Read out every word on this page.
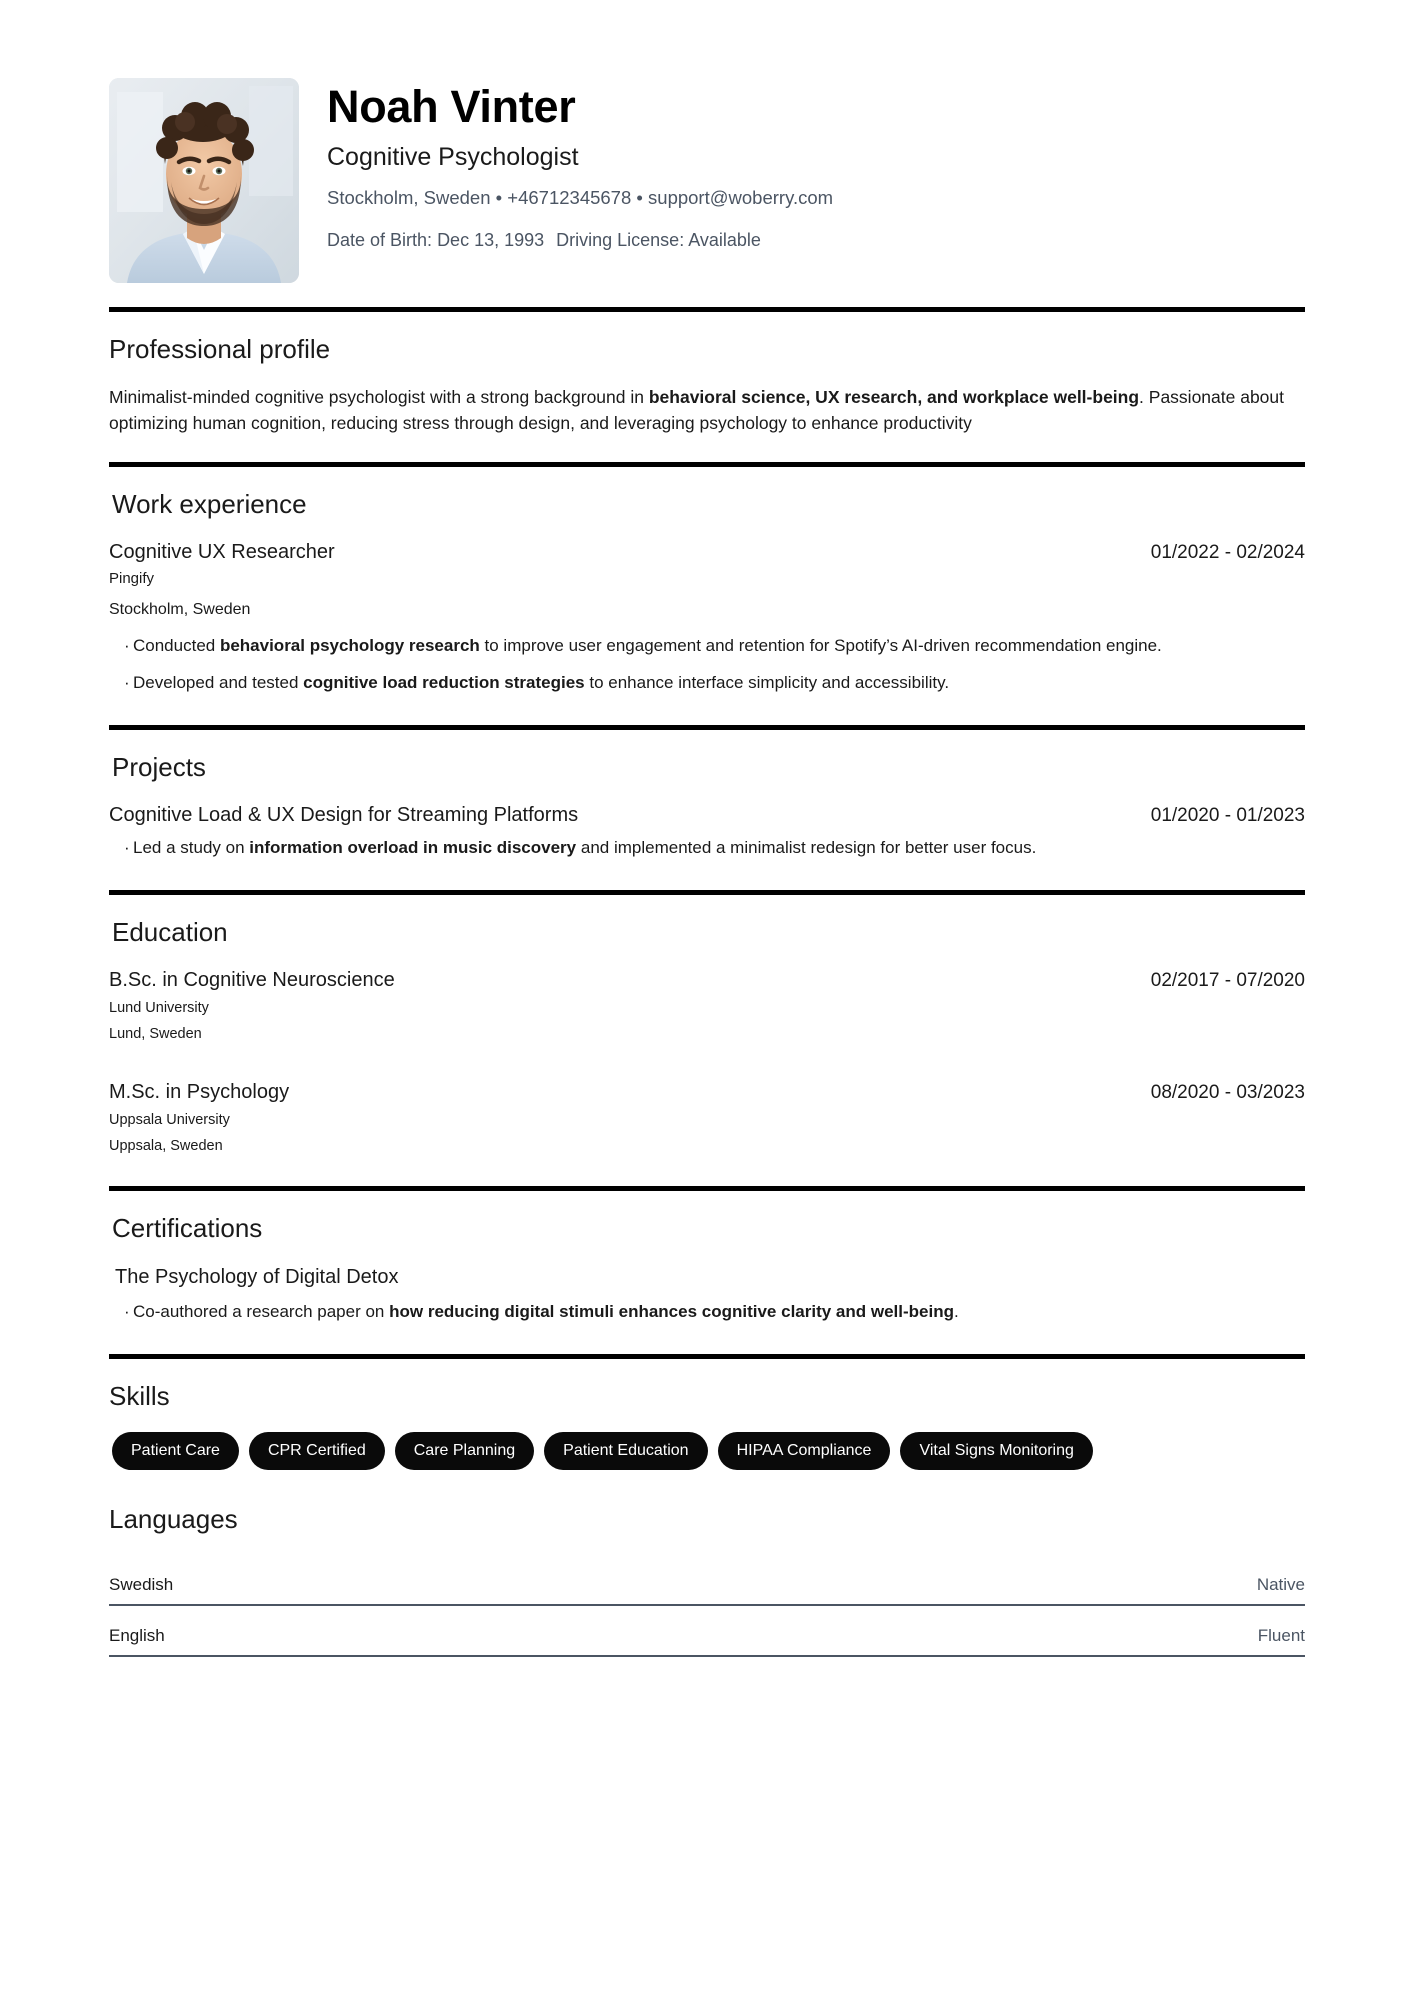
Noah Vinter
Cognitive Psychologist
Stockholm, Sweden • +46712345678 • support@woberry.com
Date of Birth: Dec 13, 1993 Driving License: Available
Professional profile
Minimalist-minded cognitive psychologist with a strong background in behavioral science, UX research, and workplace well-being. Passionate about optimizing human cognition, reducing stress through design, and leveraging psychology to enhance productivity
Work experience
Cognitive UX Researcher	01/2022 - 02/2024
Pingify
Stockholm, Sweden
· Conducted behavioral psychology research to improve user engagement and retention for Spotify’s AI-driven recommendation engine.
· Developed and tested cognitive load reduction strategies to enhance interface simplicity and accessibility.
Projects
Cognitive Load & UX Design for Streaming Platforms	01/2020 - 01/2023
· Led a study on information overload in music discovery and implemented a minimalist redesign for better user focus.
Education
B.Sc. in Cognitive Neuroscience	02/2017 - 07/2020
Lund University
Lund, Sweden
M.Sc. in Psychology	08/2020 - 03/2023
Uppsala University
Uppsala, Sweden
Certifications
The Psychology of Digital Detox
· Co-authored a research paper on how reducing digital stimuli enhances cognitive clarity and well-being.
Skills
Patient Care	CPR Certified	Care Planning	Patient Education	HIPAA Compliance	Vital Signs Monitoring
Languages
Swedish	Native
English	Fluent
